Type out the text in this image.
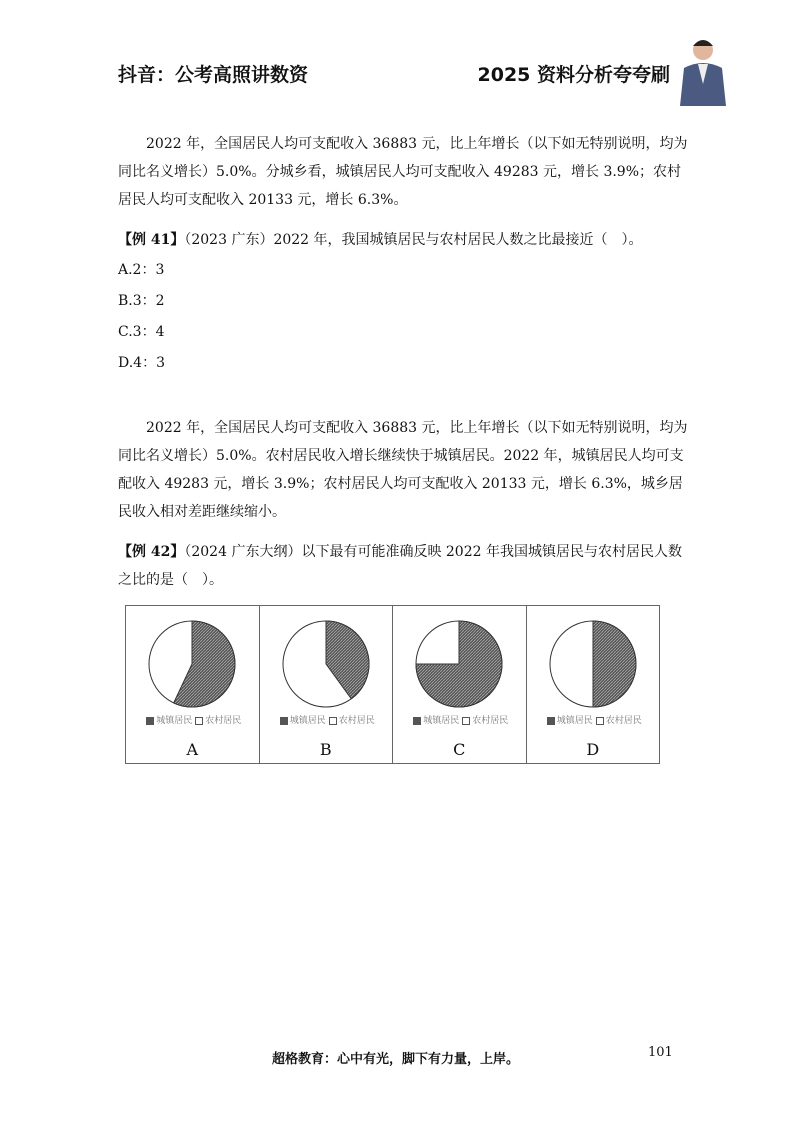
抖音：公考高照讲数资	2025 资料分析夸夸刷
2022 年，全国居民人均可支配收入 36883 元，比上年增长（以下如无特别说明，均为同比名义增长）5.0%。分城乡看，城镇居民人均可支配收入 49283 元，增长 3.9%；农村居民人均可支配收入 20133 元，增长 6.3%。
【例 41】（2023 广东）2022 年，我国城镇居民与农村居民人数之比最接近（　）。
A.2：3
B.3：2
C.3：4
D.4：3
2022 年，全国居民人均可支配收入 36883 元，比上年增长（以下如无特别说明，均为同比名义增长）5.0%。农村居民收入增长继续快于城镇居民。2022 年，城镇居民人均可支配收入 49283 元，增长 3.9%；农村居民人均可支配收入 20133 元，增长 6.3%，城乡居民收入相对差距继续缩小。
【例 42】（2024 广东大纲）以下最有可能准确反映 2022 年我国城镇居民与农村居民人数之比的是（　）。
城镇居民 农村居民
A
城镇居民 农村居民
B
城镇居民 农村居民
C
城镇居民 农村居民
D
超格教育：心中有光，脚下有力量，上岸。	101
